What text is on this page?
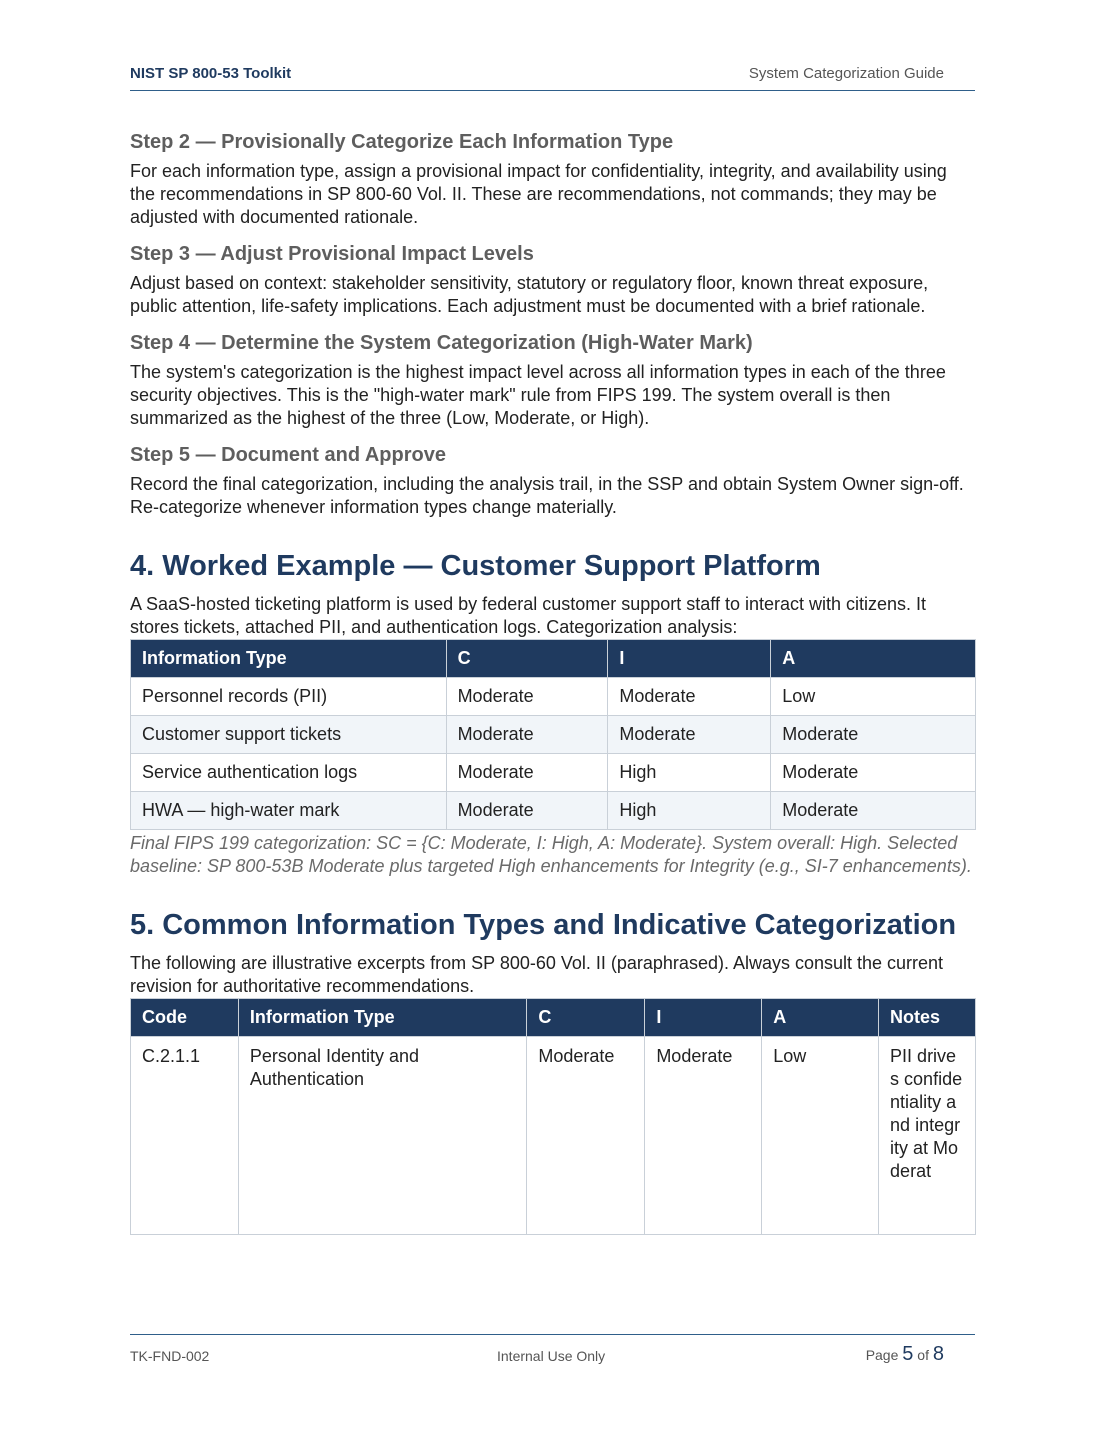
NIST SP 800-53 Toolkit	System Categorization Guide
Step 2 — Provisionally Categorize Each Information Type

For each information type, assign a provisional impact for confidentiality, integrity, and availability using the recommendations in SP 800-60 Vol. II. These are recommendations, not commands; they may be adjusted with documented rationale.

Step 3 — Adjust Provisional Impact Levels

Adjust based on context: stakeholder sensitivity, statutory or regulatory floor, known threat exposure, public attention, life-safety implications. Each adjustment must be documented with a brief rationale.

Step 4 — Determine the System Categorization (High-Water Mark)

The system's categorization is the highest impact level across all information types in each of the three security objectives. This is the "high-water mark" rule from FIPS 199. The system overall is then summarized as the highest of the three (Low, Moderate, or High).

Step 5 — Document and Approve

Record the final categorization, including the analysis trail, in the SSP and obtain System Owner sign-off. Re-categorize whenever information types change materially.

4. Worked Example — Customer Support Platform

A SaaS-hosted ticketing platform is used by federal customer support staff to interact with citizens. It stores tickets, attached PII, and authentication logs. Categorization analysis:

Information Type	C	I	A
Personnel records (PII)	Moderate	Moderate	Low
Customer support tickets	Moderate	Moderate	Moderate
Service authentication logs	Moderate	High	Moderate
HWA — high-water mark	Moderate	High	Moderate

Final FIPS 199 categorization: SC = {C: Moderate, I: High, A: Moderate}. System overall: High. Selected baseline: SP 800-53B Moderate plus targeted High enhancements for Integrity (e.g., SI-7 enhancements).

5. Common Information Types and Indicative Categorization

The following are illustrative excerpts from SP 800-60 Vol. II (paraphrased). Always consult the current revision for authoritative recommendations.

Code	Information Type	C	I	A	Notes
C.2.1.1	Personal Identity and Authentication	Moderate	Moderate	Low	PII drives confidentiality and integrity at Moderat
TK-FND-002	Internal Use Only	Page 5 of 8
